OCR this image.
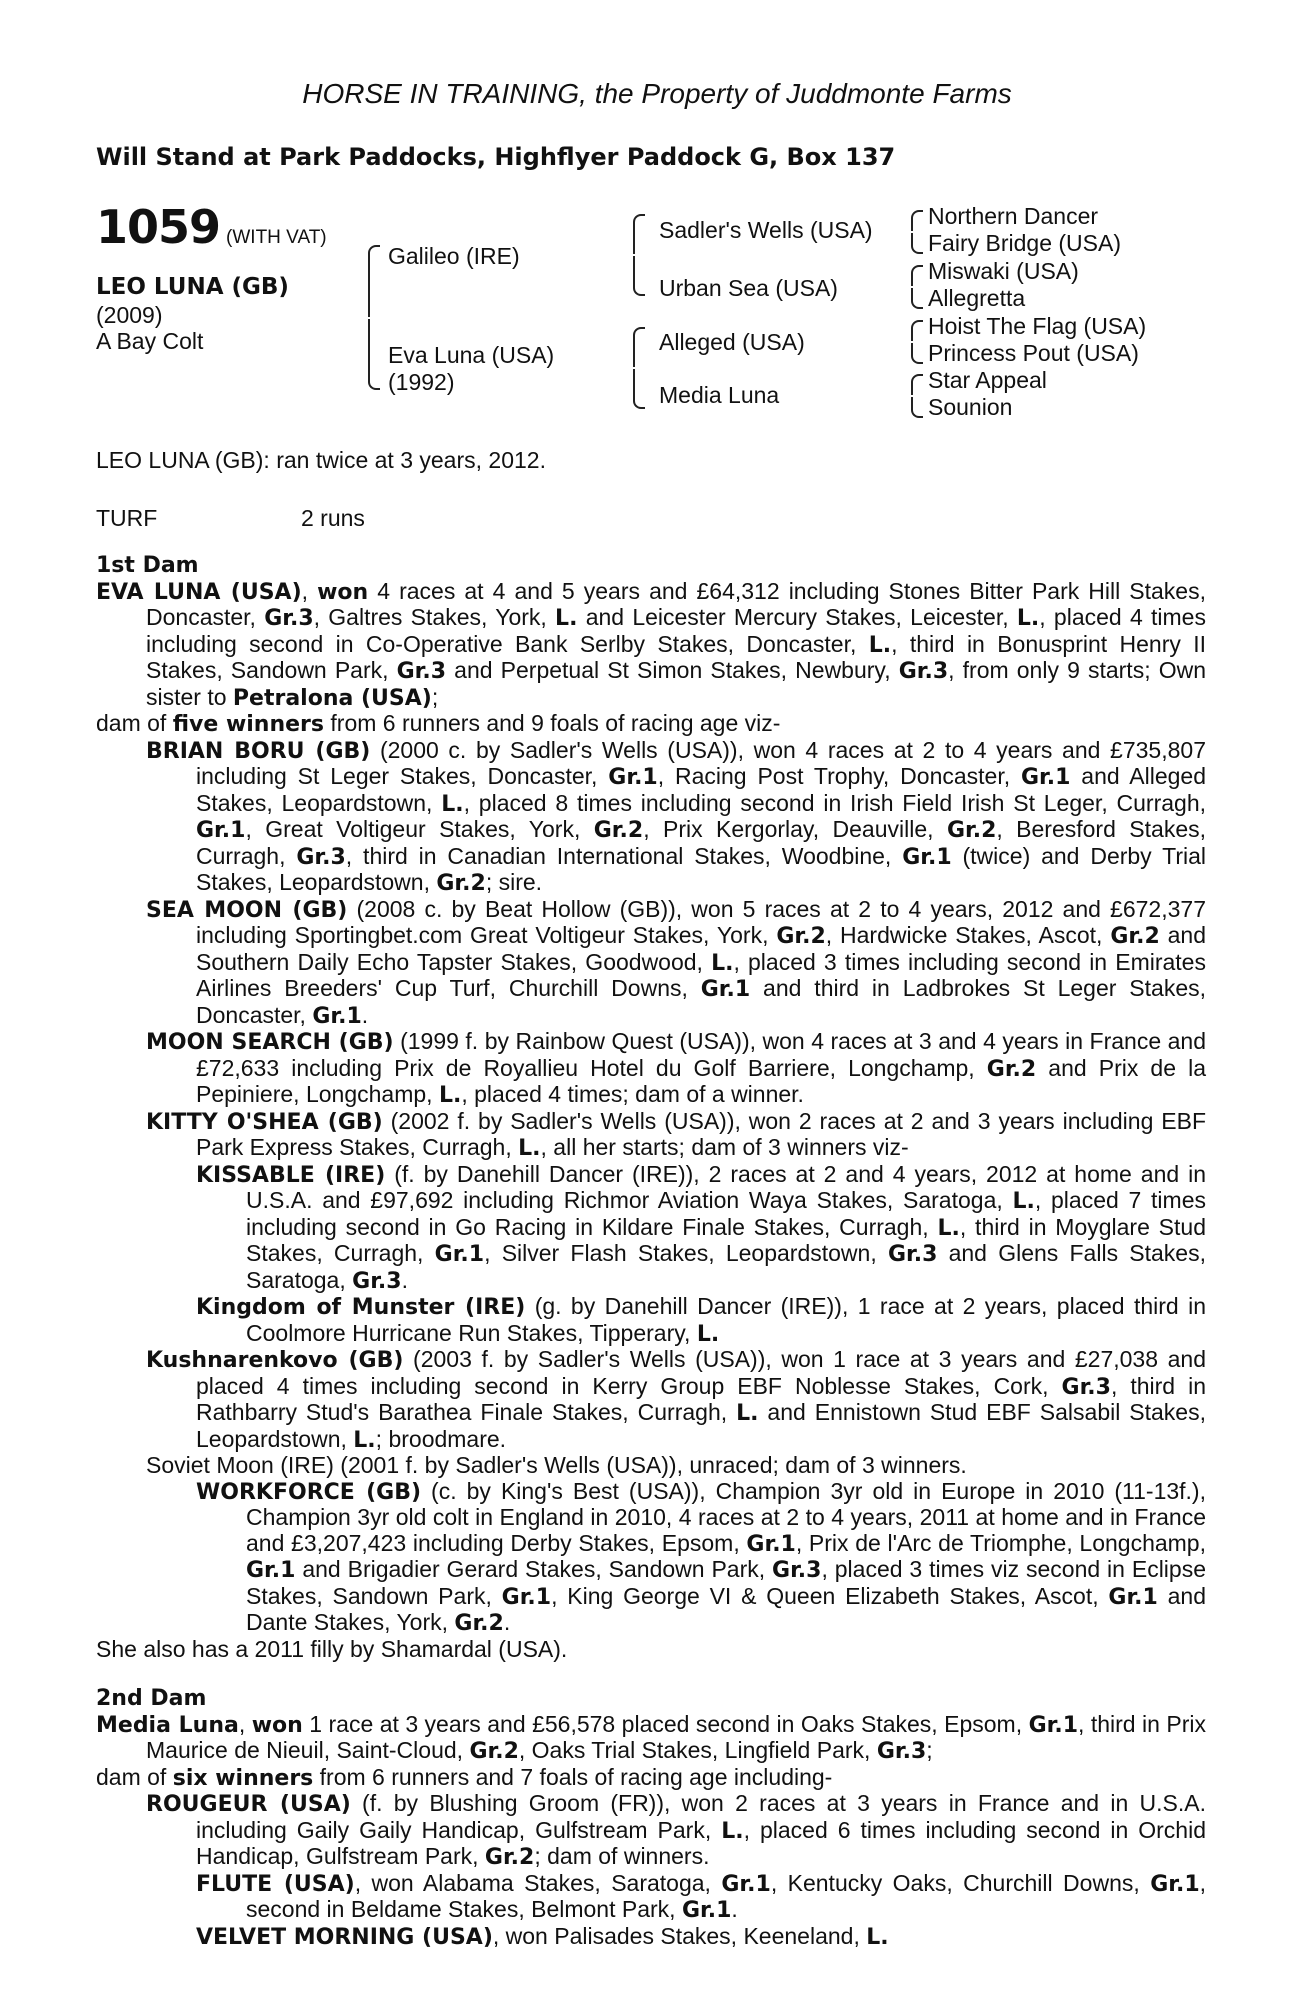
HORSE IN TRAINING, the Property of Juddmonte Farms
Will Stand at Park Paddocks, Highflyer Paddock G, Box 137
1059 (WITH VAT)
LEO LUNA (GB)
(2009)
A Bay Colt
Galileo (IRE)
Eva Luna (USA)
(1992)
Sadler's Wells (USA)
Urban Sea (USA)
Alleged (USA)
Media Luna
Northern Dancer
Fairy Bridge (USA)
Miswaki (USA)
Allegretta
Hoist The Flag (USA)
Princess Pout (USA)
Star Appeal
Sounion
LEO LUNA (GB): ran twice at 3 years, 2012.
TURF	2 runs
1st Dam
EVA LUNA (USA), won 4 races at 4 and 5 years and £64,312 including Stones Bitter Park Hill Stakes, Doncaster, Gr.3, Galtres Stakes, York, L. and Leicester Mercury Stakes, Leicester, L., placed 4 times including second in Co-Operative Bank Serlby Stakes, Doncaster, L., third in Bonusprint Henry II Stakes, Sandown Park, Gr.3 and Perpetual St Simon Stakes, Newbury, Gr.3, from only 9 starts; Own sister to Petralona (USA);
dam of five winners from 6 runners and 9 foals of racing age viz-
BRIAN BORU (GB) (2000 c. by Sadler's Wells (USA)), won 4 races at 2 to 4 years and £735,807 including St Leger Stakes, Doncaster, Gr.1, Racing Post Trophy, Doncaster, Gr.1 and Alleged Stakes, Leopardstown, L., placed 8 times including second in Irish Field Irish St Leger, Curragh, Gr.1, Great Voltigeur Stakes, York, Gr.2, Prix Kergorlay, Deauville, Gr.2, Beresford Stakes, Curragh, Gr.3, third in Canadian International Stakes, Woodbine, Gr.1 (twice) and Derby Trial Stakes, Leopardstown, Gr.2; sire.
SEA MOON (GB) (2008 c. by Beat Hollow (GB)), won 5 races at 2 to 4 years, 2012 and £672,377 including Sportingbet.com Great Voltigeur Stakes, York, Gr.2, Hardwicke Stakes, Ascot, Gr.2 and Southern Daily Echo Tapster Stakes, Goodwood, L., placed 3 times including second in Emirates Airlines Breeders' Cup Turf, Churchill Downs, Gr.1 and third in Ladbrokes St Leger Stakes, Doncaster, Gr.1.
MOON SEARCH (GB) (1999 f. by Rainbow Quest (USA)), won 4 races at 3 and 4 years in France and £72,633 including Prix de Royallieu Hotel du Golf Barriere, Longchamp, Gr.2 and Prix de la Pepiniere, Longchamp, L., placed 4 times; dam of a winner.
KITTY O'SHEA (GB) (2002 f. by Sadler's Wells (USA)), won 2 races at 2 and 3 years including EBF Park Express Stakes, Curragh, L., all her starts; dam of 3 winners viz-
KISSABLE (IRE) (f. by Danehill Dancer (IRE)), 2 races at 2 and 4 years, 2012 at home and in U.S.A. and £97,692 including Richmor Aviation Waya Stakes, Saratoga, L., placed 7 times including second in Go Racing in Kildare Finale Stakes, Curragh, L., third in Moyglare Stud Stakes, Curragh, Gr.1, Silver Flash Stakes, Leopardstown, Gr.3 and Glens Falls Stakes, Saratoga, Gr.3.
Kingdom of Munster (IRE) (g. by Danehill Dancer (IRE)), 1 race at 2 years, placed third in Coolmore Hurricane Run Stakes, Tipperary, L.
Kushnarenkovo (GB) (2003 f. by Sadler's Wells (USA)), won 1 race at 3 years and £27,038 and placed 4 times including second in Kerry Group EBF Noblesse Stakes, Cork, Gr.3, third in Rathbarry Stud's Barathea Finale Stakes, Curragh, L. and Ennistown Stud EBF Salsabil Stakes, Leopardstown, L.; broodmare.
Soviet Moon (IRE) (2001 f. by Sadler's Wells (USA)), unraced; dam of 3 winners.
WORKFORCE (GB) (c. by King's Best (USA)), Champion 3yr old in Europe in 2010 (11-13f.), Champion 3yr old colt in England in 2010, 4 races at 2 to 4 years, 2011 at home and in France and £3,207,423 including Derby Stakes, Epsom, Gr.1, Prix de l'Arc de Triomphe, Longchamp, Gr.1 and Brigadier Gerard Stakes, Sandown Park, Gr.3, placed 3 times viz second in Eclipse Stakes, Sandown Park, Gr.1, King George VI & Queen Elizabeth Stakes, Ascot, Gr.1 and Dante Stakes, York, Gr.2.
She also has a 2011 filly by Shamardal (USA).
2nd Dam
Media Luna, won 1 race at 3 years and £56,578 placed second in Oaks Stakes, Epsom, Gr.1, third in Prix Maurice de Nieuil, Saint-Cloud, Gr.2, Oaks Trial Stakes, Lingfield Park, Gr.3;
dam of six winners from 6 runners and 7 foals of racing age including-
ROUGEUR (USA) (f. by Blushing Groom (FR)), won 2 races at 3 years in France and in U.S.A. including Gaily Gaily Handicap, Gulfstream Park, L., placed 6 times including second in Orchid Handicap, Gulfstream Park, Gr.2; dam of winners.
FLUTE (USA), won Alabama Stakes, Saratoga, Gr.1, Kentucky Oaks, Churchill Downs, Gr.1, second in Beldame Stakes, Belmont Park, Gr.1.
VELVET MORNING (USA), won Palisades Stakes, Keeneland, L.
